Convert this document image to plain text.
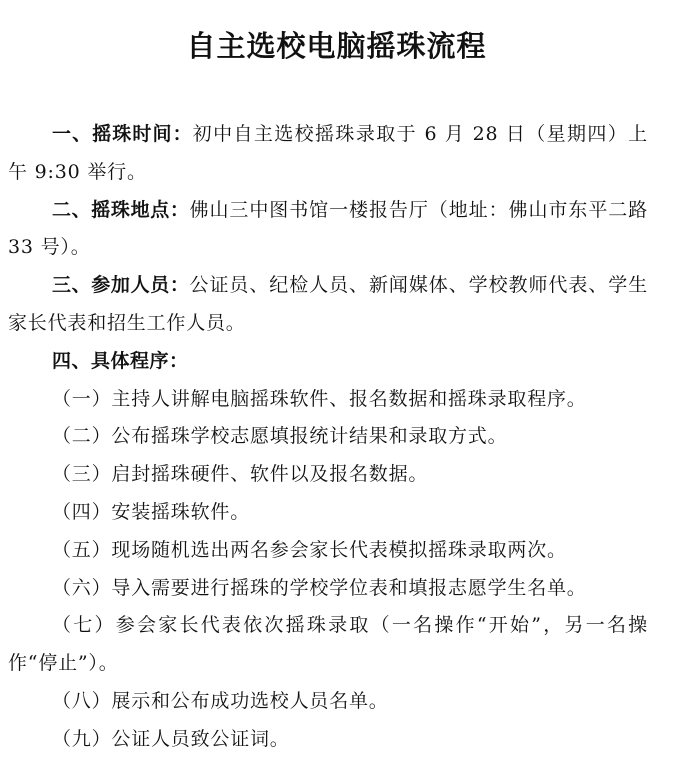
自主选校电脑摇珠流程

一、摇珠时间：初中自主选校摇珠录取于 6 月 28 日（星期四）上午 9:30 举行。

二、摇珠地点：佛山三中图书馆一楼报告厅（地址：佛山市东平二路 33 号）。

三、参加人员：公证员、纪检人员、新闻媒体、学校教师代表、学生家长代表和招生工作人员。

四、具体程序：

（一）主持人讲解电脑摇珠软件、报名数据和摇珠录取程序。

（二）公布摇珠学校志愿填报统计结果和录取方式。

（三）启封摇珠硬件、软件以及报名数据。

（四）安装摇珠软件。

（五）现场随机选出两名参会家长代表模拟摇珠录取两次。

（六）导入需要进行摇珠的学校学位表和填报志愿学生名单。

（七）参会家长代表依次摇珠录取（一名操作“开始”，另一名操作“停止”）。

（八）展示和公布成功选校人员名单。

（九）公证人员致公证词。
